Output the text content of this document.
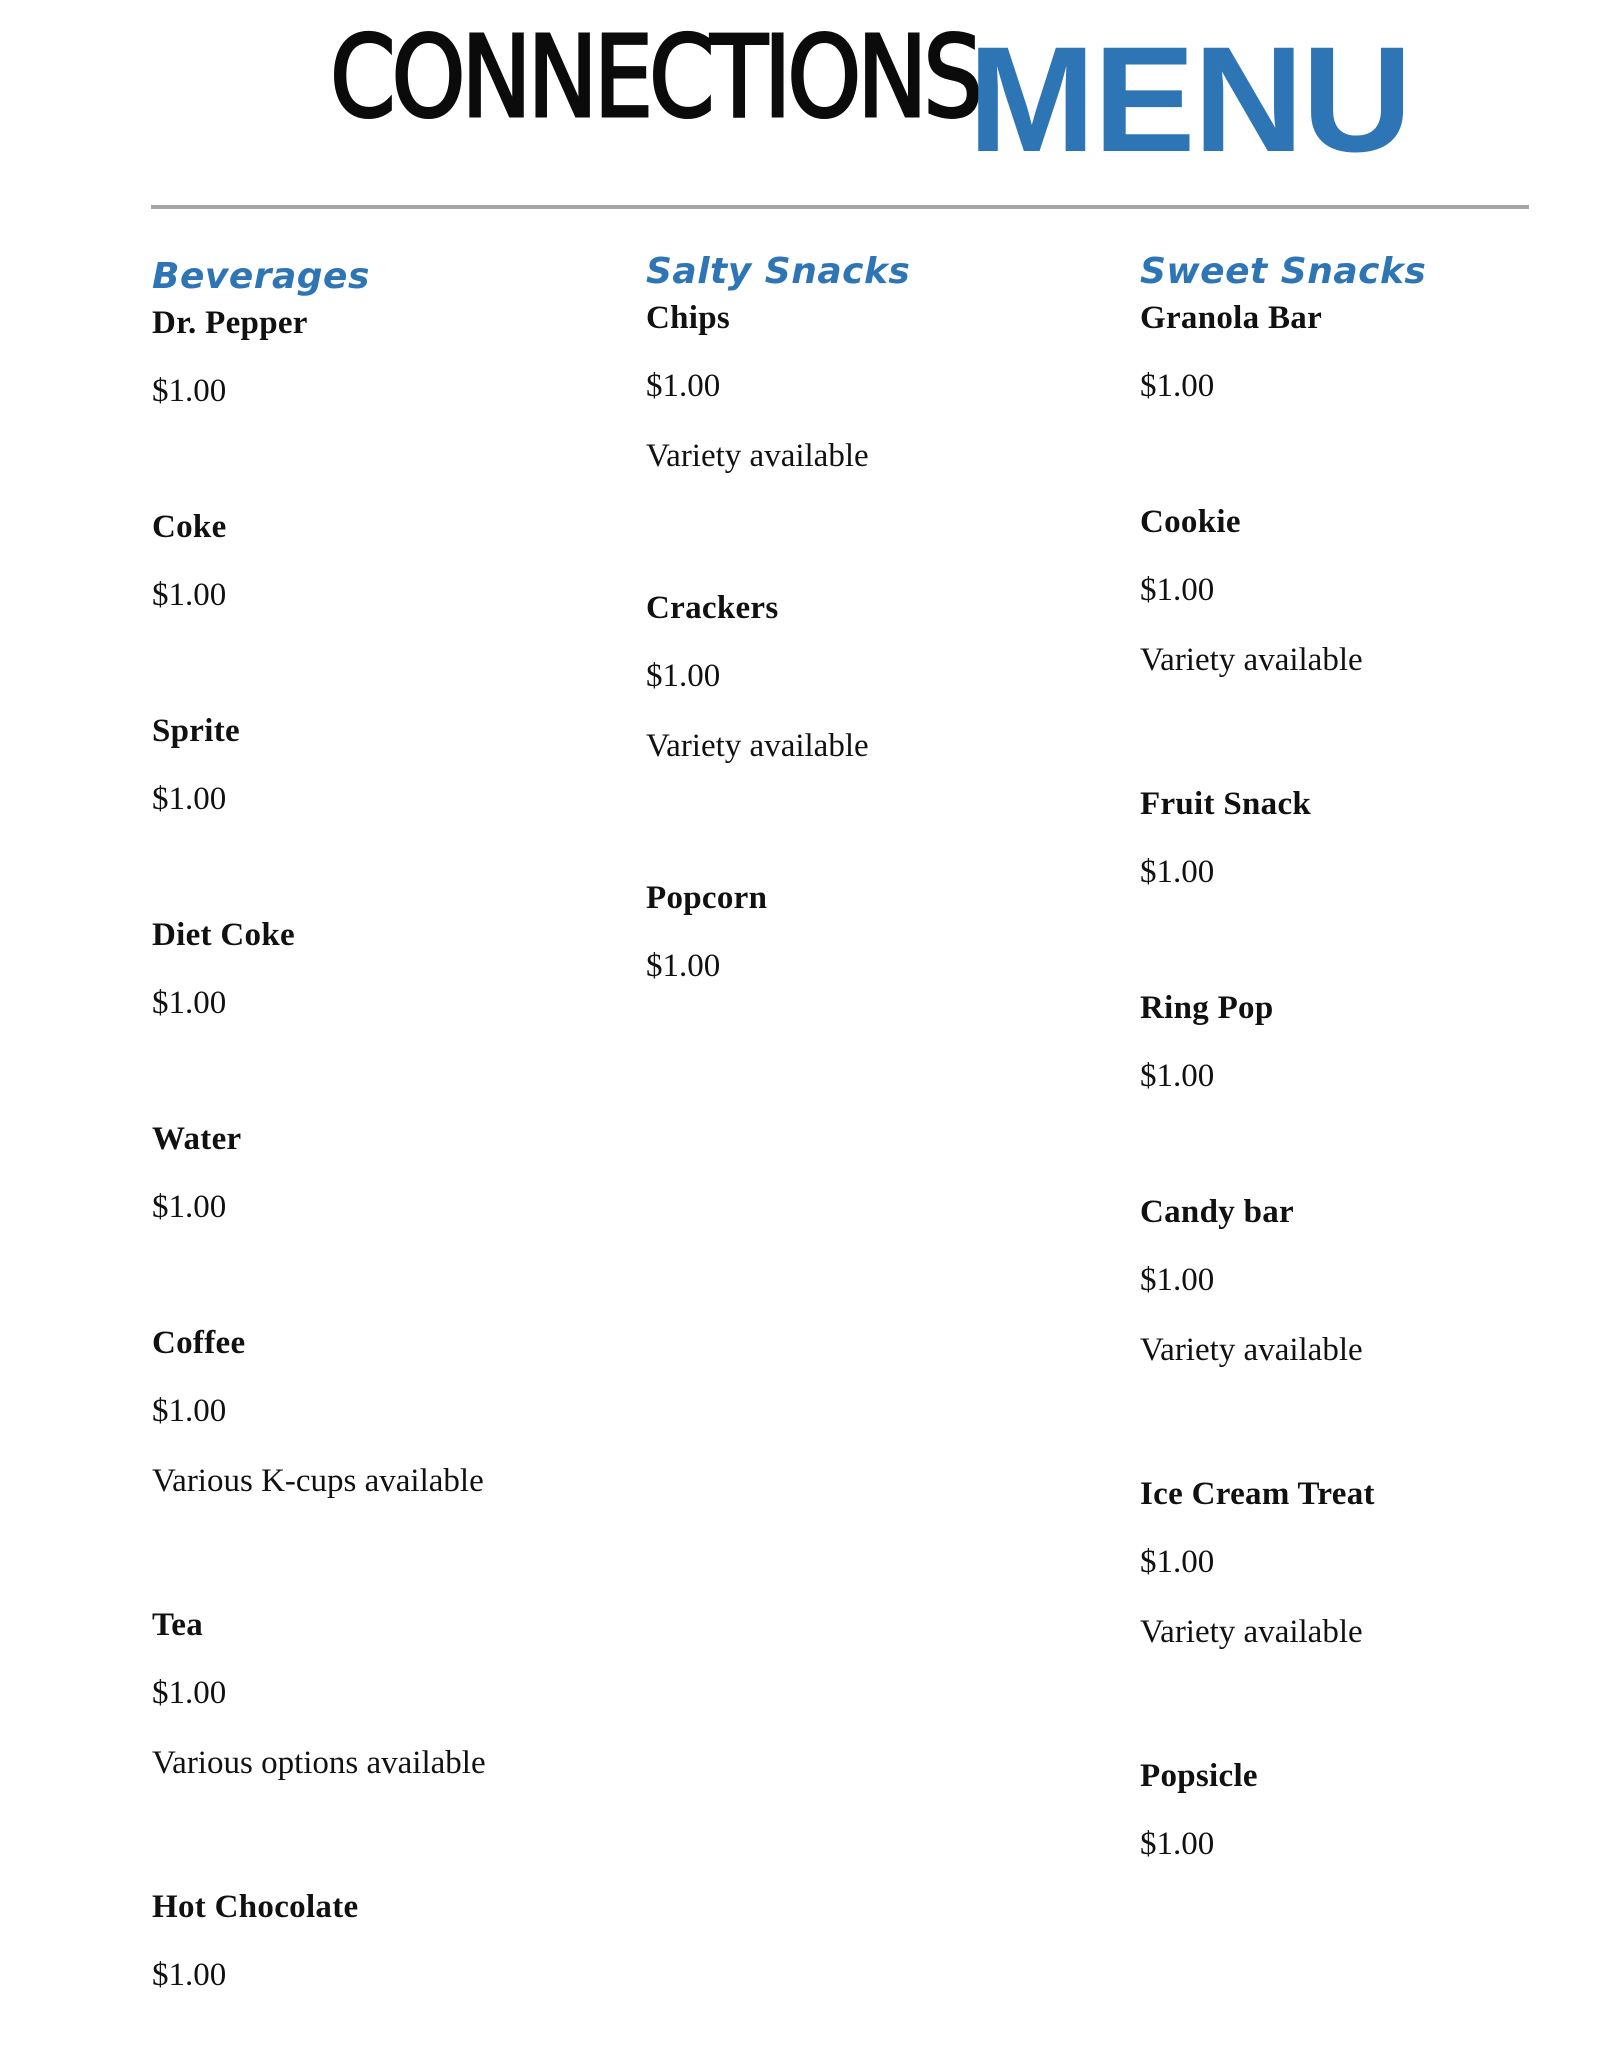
CONNECTIONS
MENU
Beverages
Dr. Pepper
$1.00
Coke
$1.00
Sprite
$1.00
Diet Coke
$1.00
Water
$1.00
Coffee
$1.00
Various K-cups available
Tea
$1.00
Various options available
Hot Chocolate
$1.00
Salty Snacks
Chips
$1.00
Variety available
Crackers
$1.00
Variety available
Popcorn
$1.00
Sweet Snacks
Granola Bar
$1.00
Cookie
$1.00
Variety available
Fruit Snack
$1.00
Ring Pop
$1.00
Candy bar
$1.00
Variety available
Ice Cream Treat
$1.00
Variety available
Popsicle
$1.00
